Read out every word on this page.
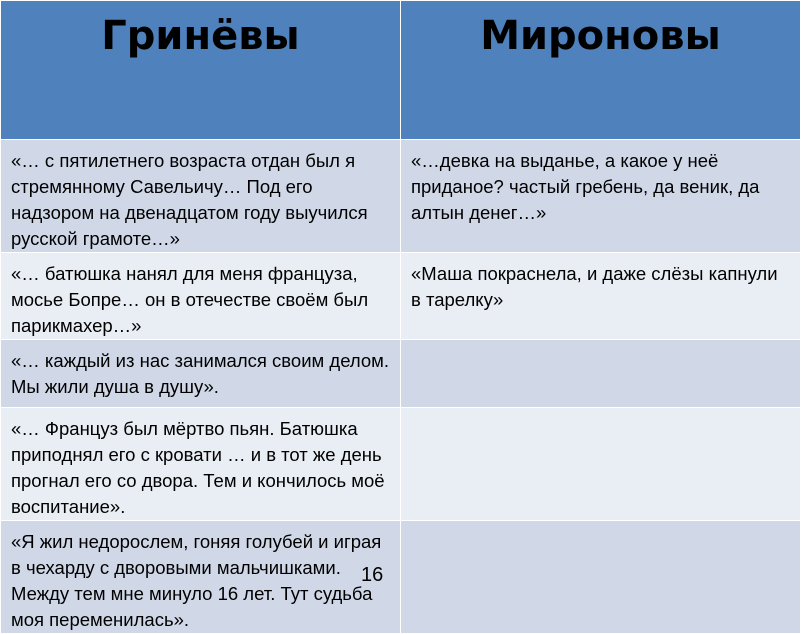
Гринёвы	Мироновы
«… с пятилетнего возраста отдан был я стремянному Савельичу… Под его надзором на двенадцатом году выучился русской грамоте…»	«…девка на выданье, а какое у неё приданое? частый гребень, да веник, да алтын денег…»
«… батюшка нанял для меня француза, мосье Бопре… он в отечестве своём был парикмахер…»	«Маша покраснела, и даже слёзы капнули в тарелку»
«… каждый из нас занимался своим делом. Мы жили душа в душу».	
«… Француз был мёртво пьян. Батюшка приподнял его с кровати … и в тот же день прогнал его со двора. Тем и кончилось моё воспитание».	
«Я жил недорослем, гоняя голубей и играя в чехарду с дворовыми мальчишками. Между тем мне минуло 16 лет. Тут судьба моя переменилась».	
16
